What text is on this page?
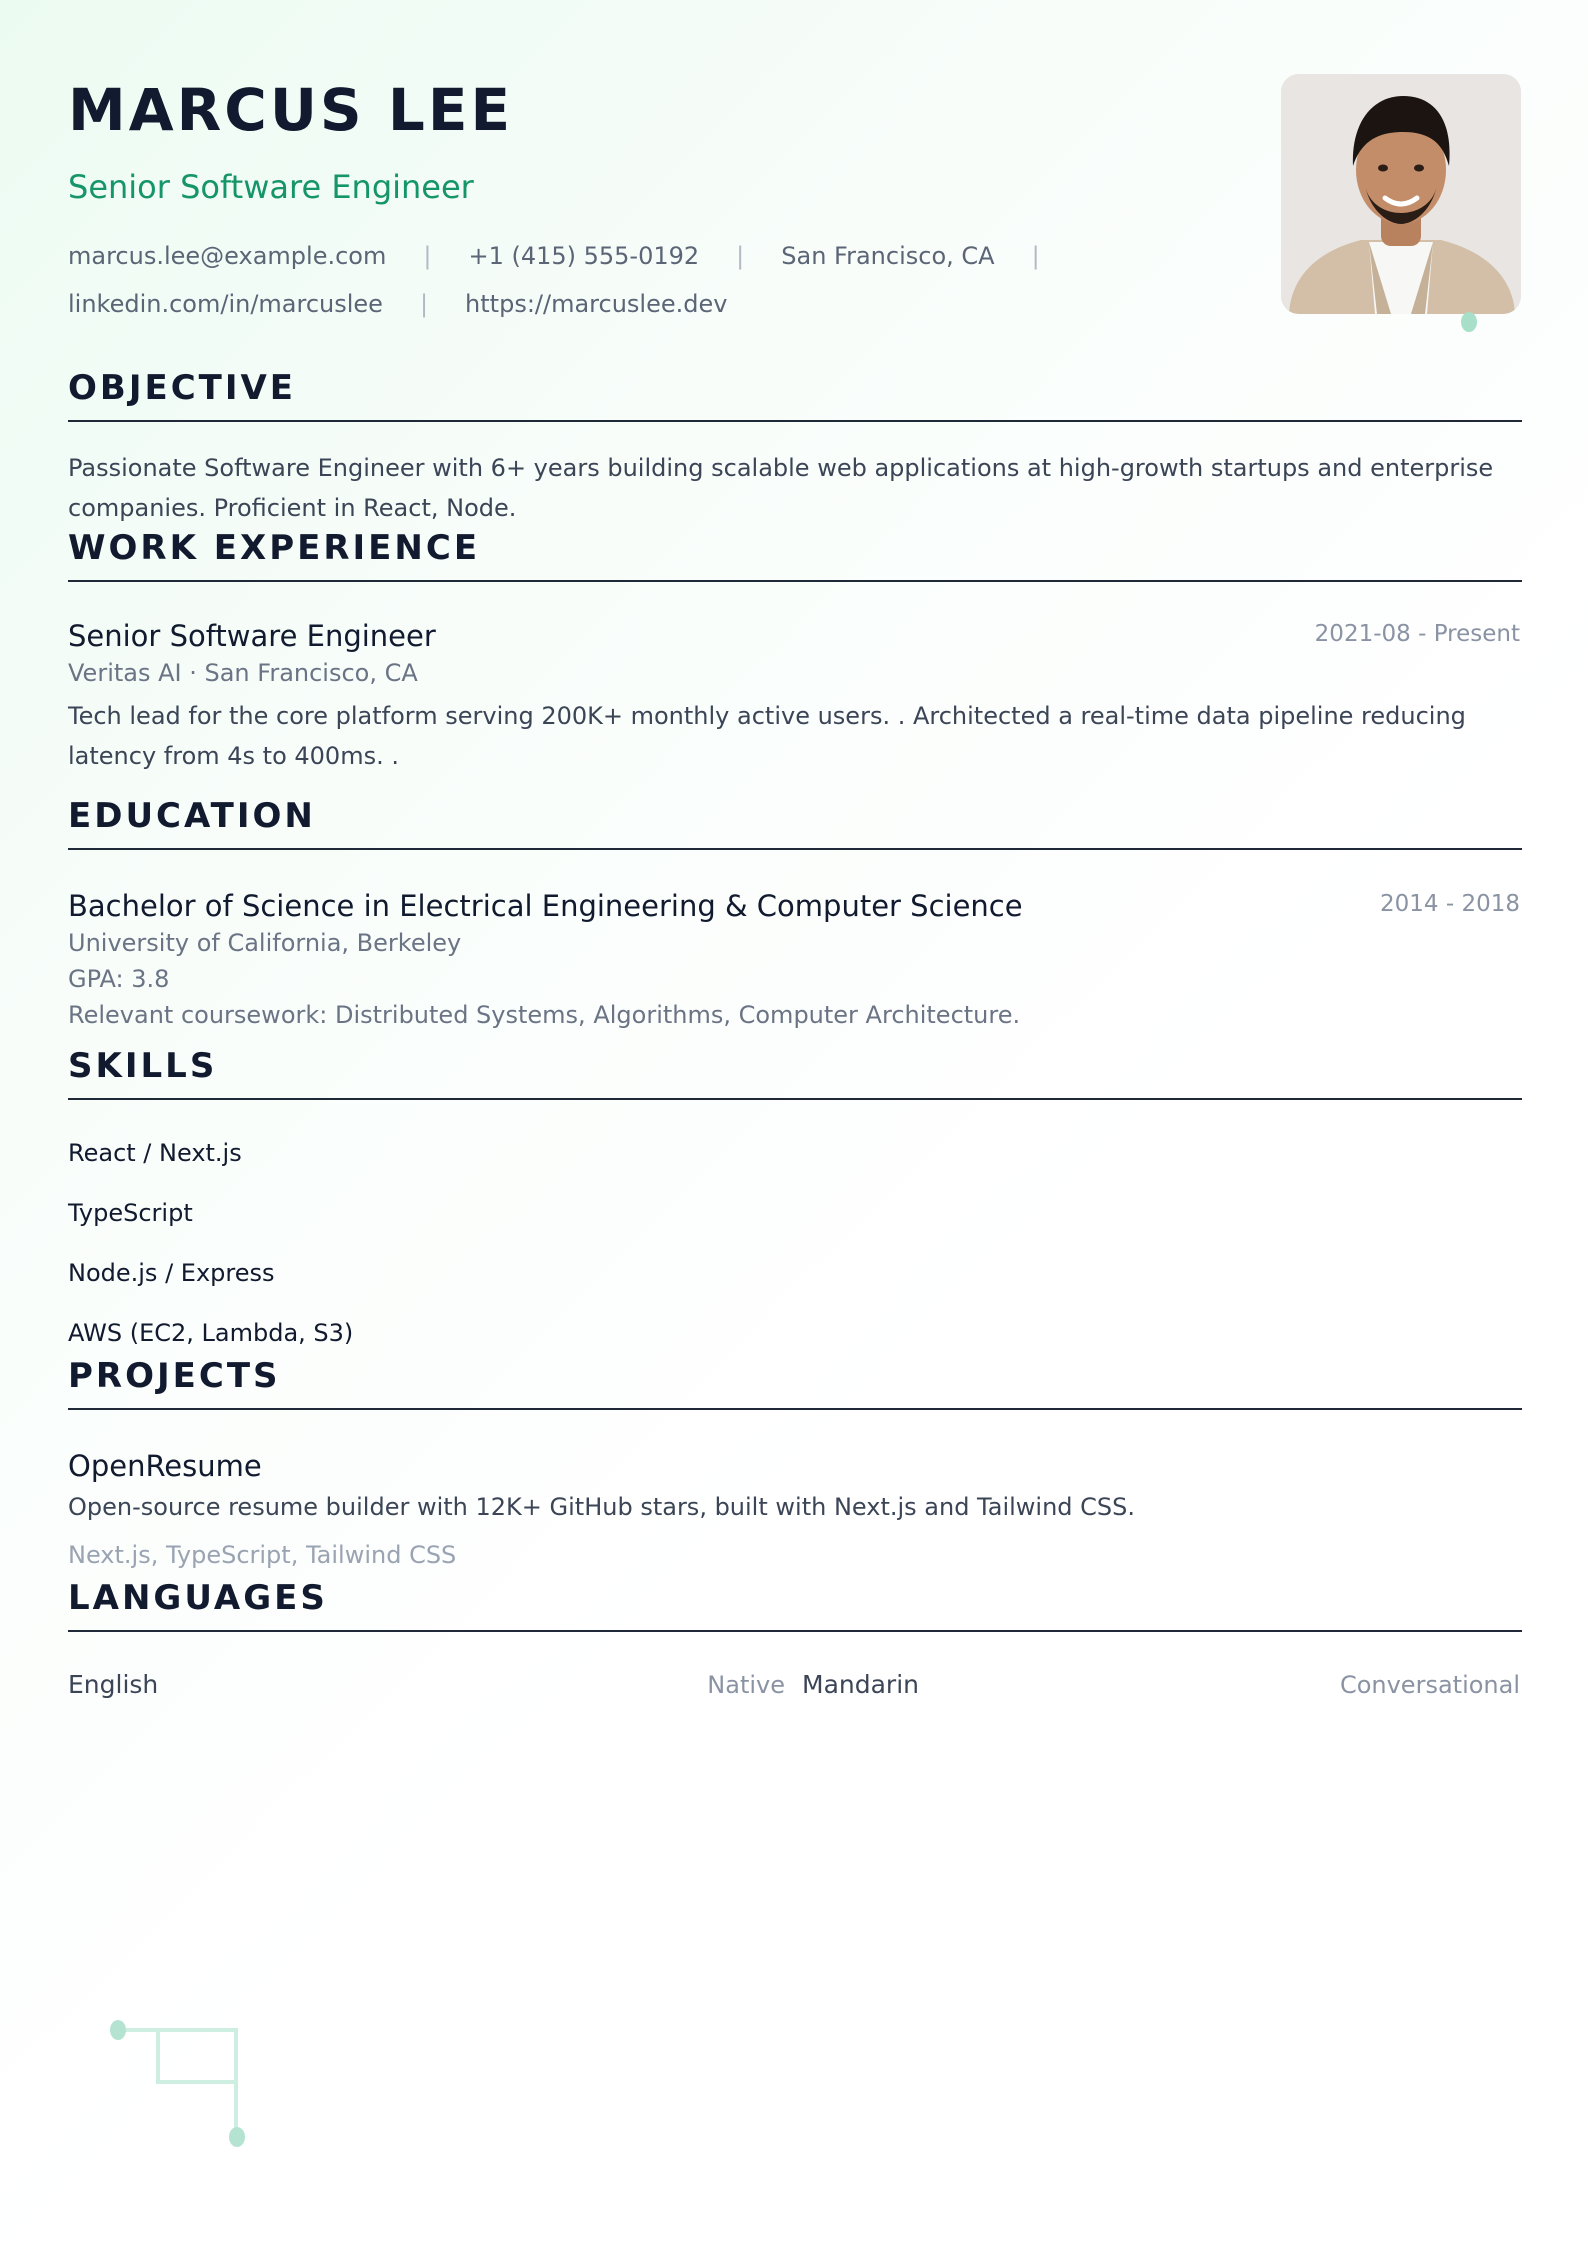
MARCUS LEE
Senior Software Engineer
marcus.lee@example.com | +1 (415) 555-0192 | San Francisco, CA |
linkedin.com/in/marcuslee | https://marcuslee.dev
OBJECTIVE
Passionate Software Engineer with 6+ years building scalable web applications at high-growth startups and enterprise companies. Proficient in React, Node.
WORK EXPERIENCE
Senior Software Engineer	2021-08 - Present
Veritas AI · San Francisco, CA
Tech lead for the core platform serving 200K+ monthly active users. . Architected a real-time data pipeline reducing latency from 4s to 400ms. .
EDUCATION
Bachelor of Science in Electrical Engineering & Computer Science	2014 - 2018
University of California, Berkeley
GPA: 3.8
Relevant coursework: Distributed Systems, Algorithms, Computer Architecture.
SKILLS
React / Next.js
TypeScript
Node.js / Express
AWS (EC2, Lambda, S3)
PROJECTS
OpenResume
Open-source resume builder with 12K+ GitHub stars, built with Next.js and Tailwind CSS.
Next.js, TypeScript, Tailwind CSS
LANGUAGES
English	Native Mandarin	Conversational
